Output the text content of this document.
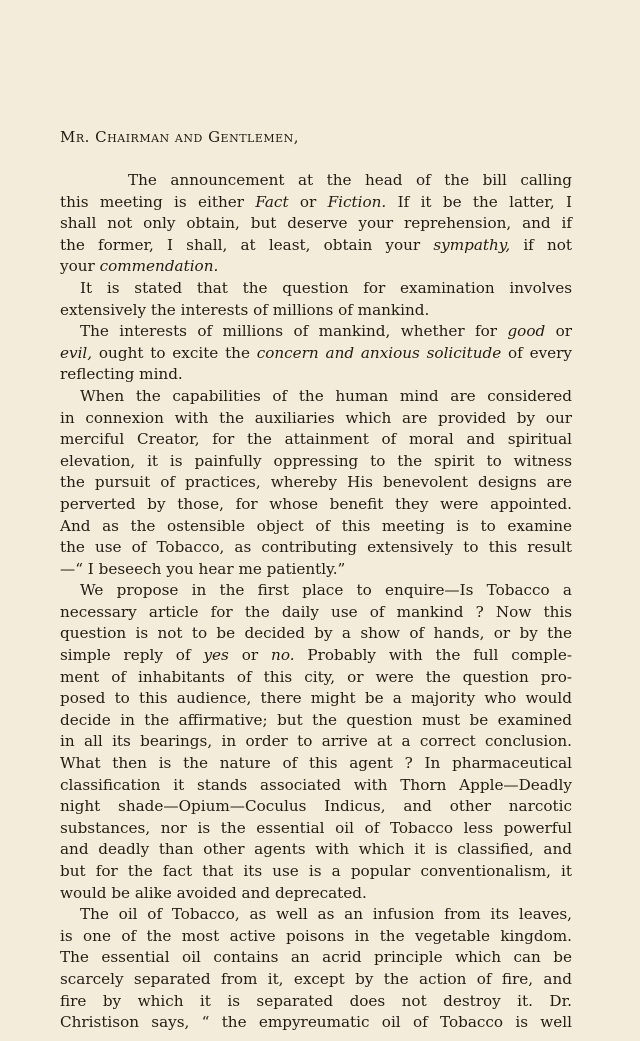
Mr. Chairman and Gentlemen,
The announcement at the head of the bill calling
this meeting is either Fact or Fiction. If it be the latter, I
shall not only obtain, but deserve your reprehension, and if
the former, I shall, at least, obtain your sympathy, if not
your commendation.
It is stated that the question for examination involves
extensively the interests of millions of mankind.
The interests of millions of mankind, whether for good or
evil, ought to excite the concern and anxious solicitude of every
reflecting mind.
When the capabilities of the human mind are considered
in connexion with the auxiliaries which are provided by our
merciful Creator, for the attainment of moral and spiritual
elevation, it is painfully oppressing to the spirit to witness
the pursuit of practices, whereby His benevolent designs are
perverted by those, for whose benefit they were appointed.
And as the ostensible object of this meeting is to examine
the use of Tobacco, as contributing extensively to this result
—“ I beseech you hear me patiently.”
We propose in the first place to enquire—Is Tobacco a
necessary article for the daily use of mankind ? Now this
question is not to be decided by a show of hands, or by the
simple reply of yes or no. Probably with the full comple-
ment of inhabitants of this city, or were the question pro-
posed to this audience, there might be a majority who would
decide in the affirmative; but the question must be examined
in all its bearings, in order to arrive at a correct conclusion.
What then is the nature of this agent ? In pharmaceutical
classification it stands associated with Thorn Apple—Deadly
night shade—Opium—Coculus Indicus, and other narcotic
substances, nor is the essential oil of Tobacco less powerful
and deadly than other agents with which it is classified, and
but for the fact that its use is a popular conventionalism, it
would be alike avoided and deprecated.
The oil of Tobacco, as well as an infusion from its leaves,
is one of the most active poisons in the vegetable kingdom.
The essential oil contains an acrid principle which can be
scarcely separated from it, except by the action of fire, and
fire by which it is separated does not destroy it. Dr.
Christison says, “ the empyreumatic oil of Tobacco is well
